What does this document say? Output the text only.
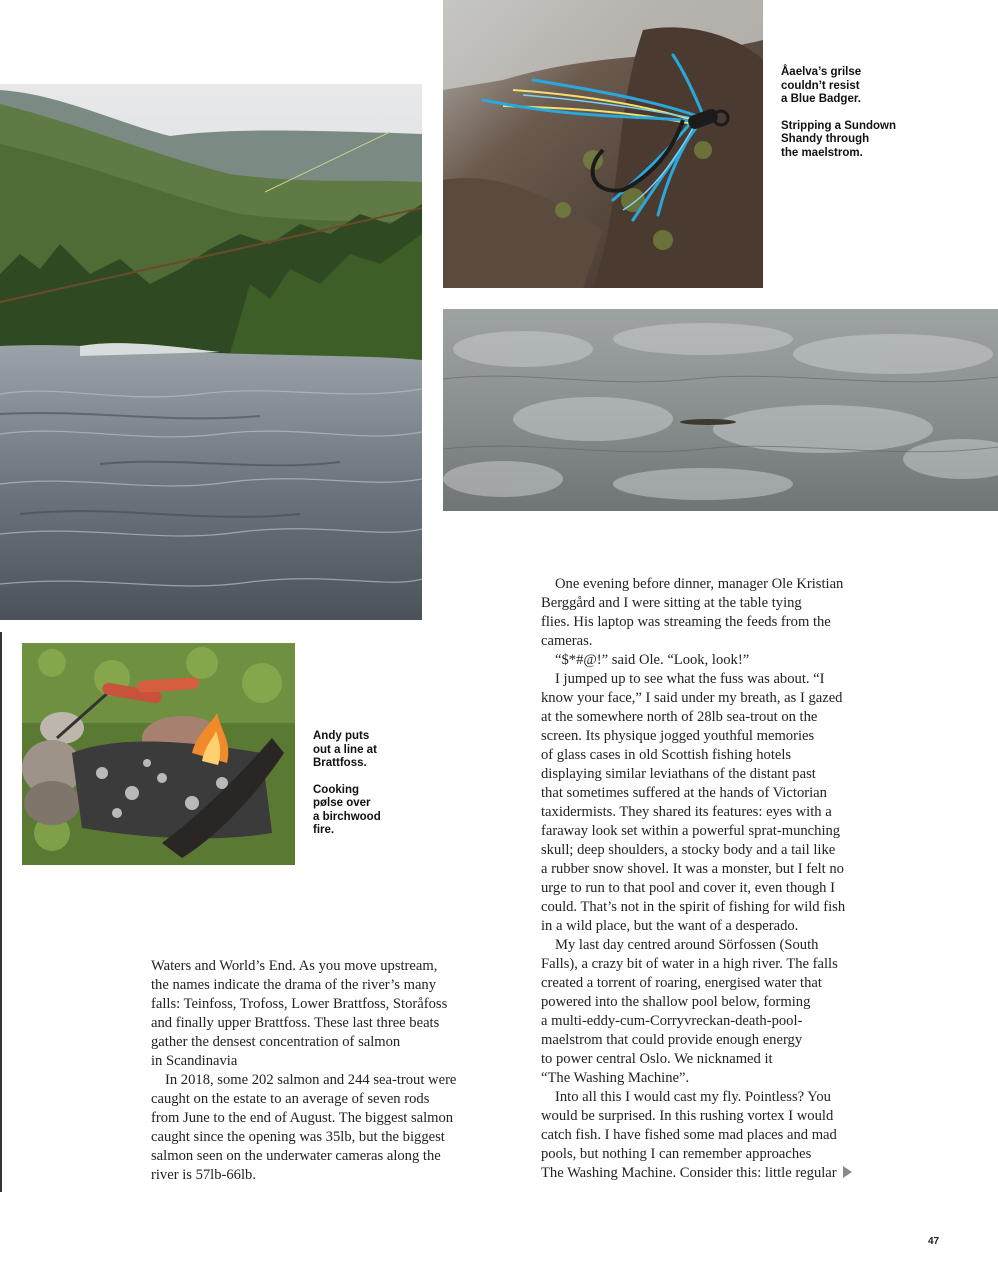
Åaelva’s grilse
couldn’t resist
a Blue Badger.

Stripping a Sundown
Shandy through
the maelstrom.

Andy puts
out a line at
Brattfoss.

Cooking
pølse over
a birchwood
fire.

Waters and World’s End. As you move upstream,
the names indicate the drama of the river’s many
falls: Teinfoss, Trofoss, Lower Brattfoss, Storåfoss
and finally upper Brattfoss. These last three beats
gather the densest concentration of salmon
in Scandinavia

In 2018, some 202 salmon and 244 sea-trout were
caught on the estate to an average of seven rods
from June to the end of August. The biggest salmon
caught since the opening was 35lb, but the biggest
salmon seen on the underwater cameras along the
river is 57lb-66lb.

One evening before dinner, manager Ole Kristian
Berggård and I were sitting at the table tying
flies. His laptop was streaming the feeds from the
cameras.

“$*#@!” said Ole. “Look, look!”

I jumped up to see what the fuss was about. “I
know your face,” I said under my breath, as I gazed
at the somewhere north of 28lb sea-trout on the
screen. Its physique jogged youthful memories
of glass cases in old Scottish fishing hotels
displaying similar leviathans of the distant past
that sometimes suffered at the hands of Victorian
taxidermists. They shared its features: eyes with a
faraway look set within a powerful sprat-munching
skull; deep shoulders, a stocky body and a tail like
a rubber snow shovel. It was a monster, but I felt no
urge to run to that pool and cover it, even though I
could. That’s not in the spirit of fishing for wild fish
in a wild place, but the want of a desperado.

My last day centred around Sörfossen (South
Falls), a crazy bit of water in a high river. The falls
created a torrent of roaring, energised water that
powered into the shallow pool below, forming
a multi-eddy-cum-Corryvreckan-death-pool-
maelstrom that could provide enough energy
to power central Oslo. We nicknamed it
“The Washing Machine”.

Into all this I would cast my fly. Pointless? You
would be surprised. In this rushing vortex I would
catch fish. I have fished some mad places and mad
pools, but nothing I can remember approaches
The Washing Machine. Consider this: little regular

47
